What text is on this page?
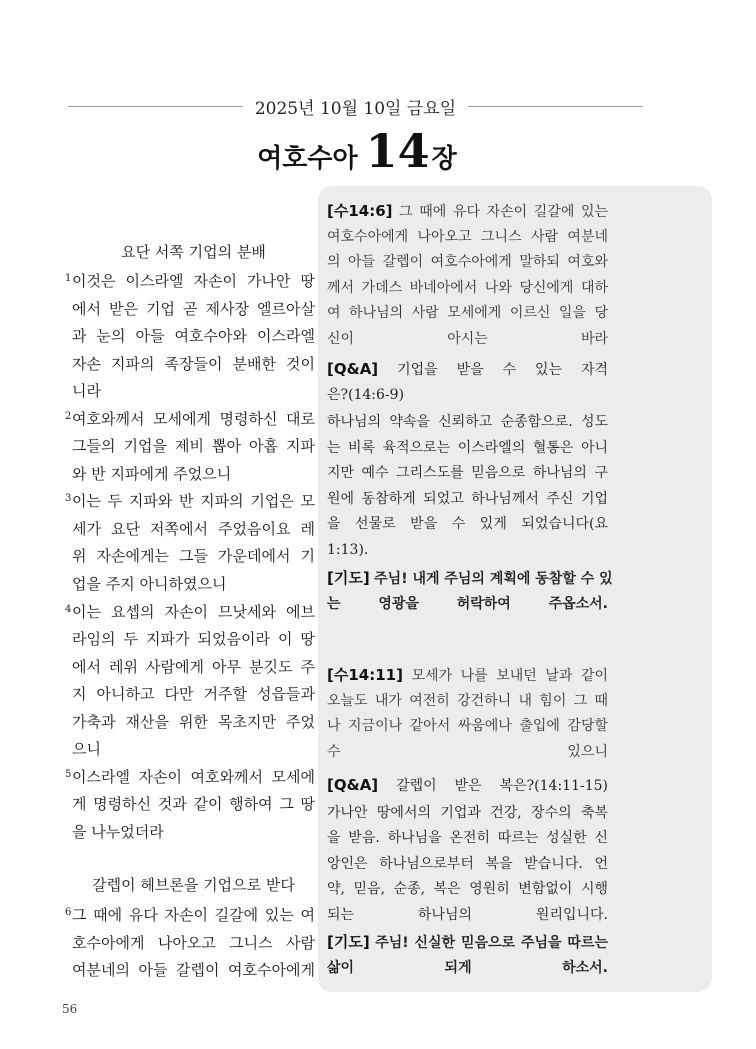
2025년 10월 10일 금요일
여호수아 14장
요단 서쪽 기업의 분배
1 이것은 이스라엘 자손이 가나안 땅
에서 받은 기업 곧 제사장 엘르아살
과 눈의 아들 여호수아와 이스라엘
자손 지파의 족장들이 분배한 것이
니라
2 여호와께서 모세에게 명령하신 대로
그들의 기업을 제비 뽑아 아홉 지파
와 반 지파에게 주었으니
3 이는 두 지파와 반 지파의 기업은 모
세가 요단 저쪽에서 주었음이요 레
위 자손에게는 그들 가운데에서 기
업을 주지 아니하였으니
4 이는 요셉의 자손이 므낫세와 에브
라임의 두 지파가 되었음이라 이 땅
에서 레위 사람에게 아무 분깃도 주
지 아니하고 다만 거주할 성읍들과
가축과 재산을 위한 목초지만 주었
으니
5 이스라엘 자손이 여호와께서 모세에
게 명령하신 것과 같이 행하여 그 땅
을 나누었더라
갈렙이 헤브론을 기업으로 받다
6 그 때에 유다 자손이 길갈에 있는 여
호수아에게 나아오고 그니스 사람
여분네의 아들 갈렙이 여호수아에게
[수14:6] 그 때에 유다 자손이 길갈에 있는
여호수아에게 나아오고 그니스 사람 여분네
의 아들 갈렙이 여호수아에게 말하되 여호와
께서 가데스 바네아에서 나와 당신에게 대하
여 하나님의 사람 모세에게 이르신 일을 당
신이 아시는 바라
[Q&A] 기업을 받을 수 있는 자격
은?(14:6-9)
하나님의 약속을 신뢰하고 순종함으로. 성도
는 비록 육적으로는 이스라엘의 혈통은 아니
지만 예수 그리스도를 믿음으로 하나님의 구
원에 동참하게 되었고 하나님께서 주신 기업
을 선물로 받을 수 있게 되었습니다(요
1:13).
[기도] 주님! 내게 주님의 계획에 동참할 수 있
는 영광을 허락하여 주옵소서.
[수14:11] 모세가 나를 보내던 날과 같이
오늘도 내가 여전히 강건하니 내 힘이 그 때
나 지금이나 같아서 싸움에나 출입에 감당할
수 있으니
[Q&A] 갈렙이 받은 복은?(14:11-15)
가나안 땅에서의 기업과 건강, 장수의 축복
을 받음. 하나님을 온전히 따르는 성실한 신
앙인은 하나님으로부터 복을 받습니다. 언
약, 믿음, 순종, 복은 영원히 변함없이 시행
되는 하나님의 원리입니다.
[기도] 주님! 신실한 믿음으로 주님을 따르는
삶이 되게 하소서.
56
